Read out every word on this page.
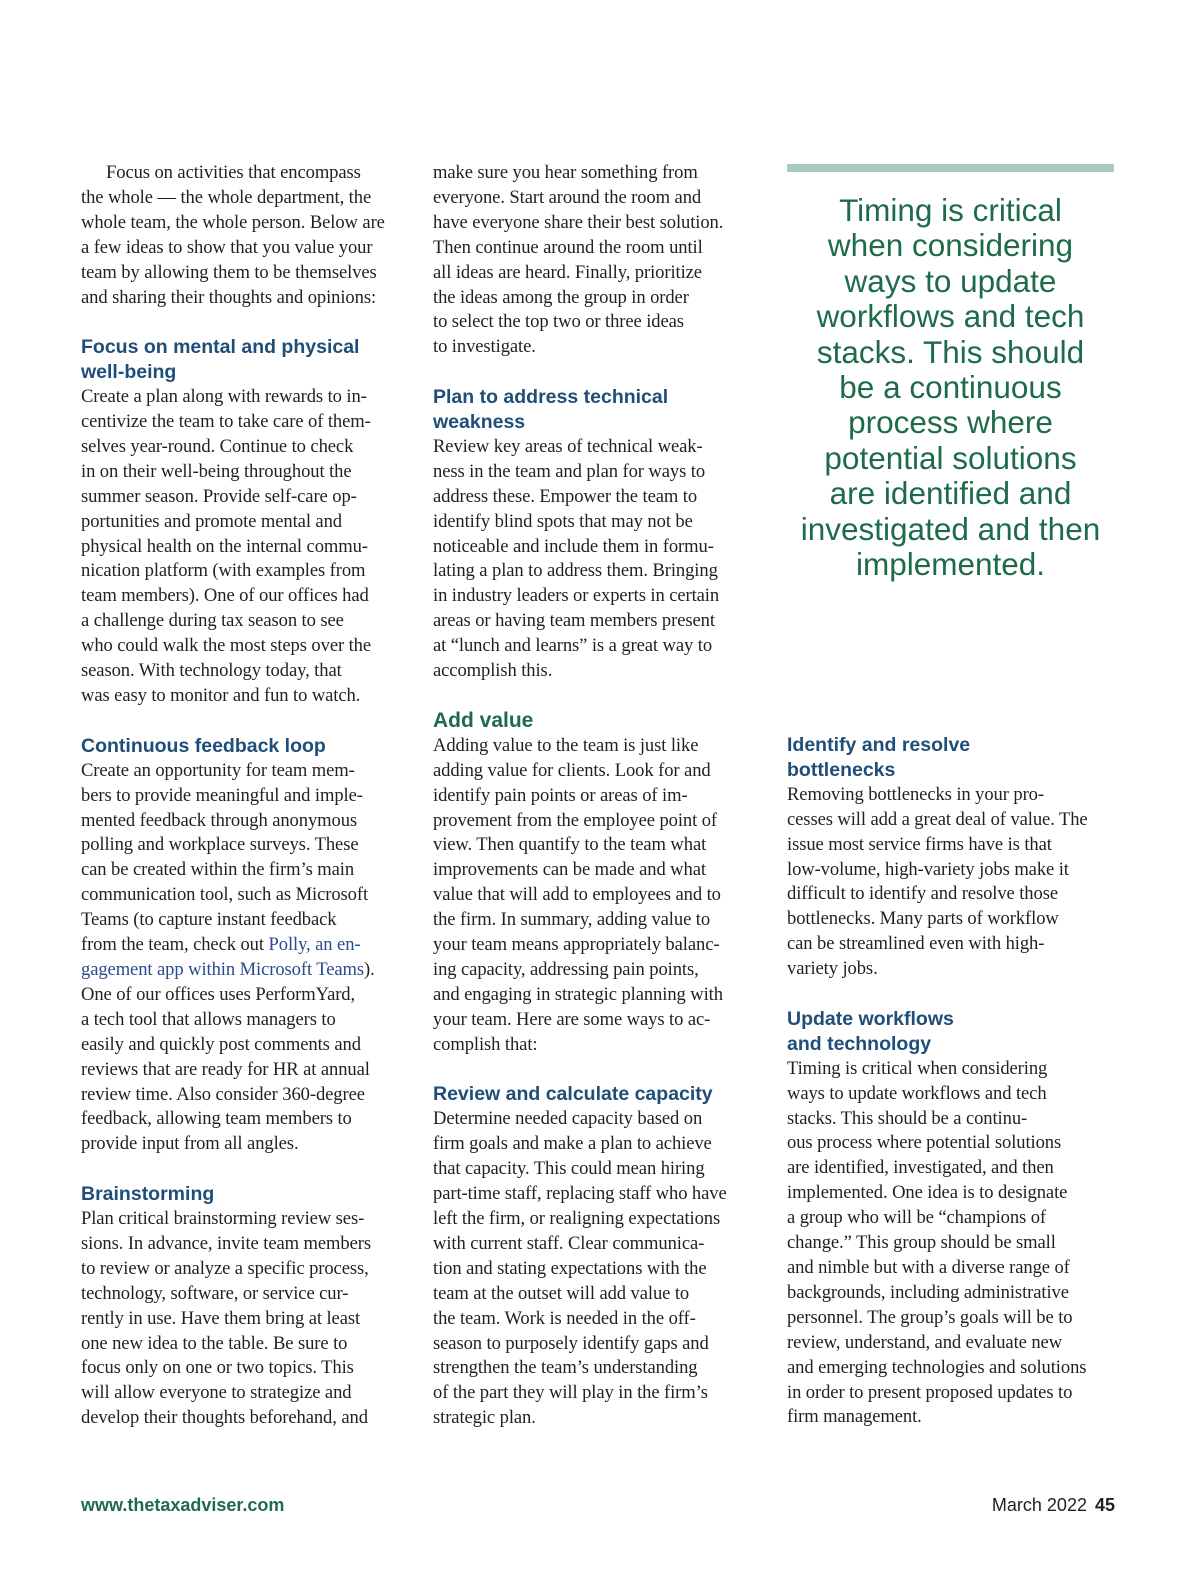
Focus on activities that encompass
the whole — the whole department, the
whole team, the whole person. Below are
a few ideas to show that you value your
team by allowing them to be themselves
and sharing their thoughts and opinions:

Focus on mental and physical
well-being

Create a plan along with rewards to in-
centivize the team to take care of them-
selves year-round. Continue to check
in on their well-being throughout the
summer season. Provide self-care op-
portunities and promote mental and
physical health on the internal commu-
nication platform (with examples from
team members). One of our offices had
a challenge during tax season to see
who could walk the most steps over the
season. With technology today, that
was easy to monitor and fun to watch.

Continuous feedback loop

Create an opportunity for team mem-
bers to provide meaningful and imple-
mented feedback through anonymous
polling and workplace surveys. These
can be created within the firm’s main
communication tool, such as Microsoft
Teams (to capture instant feedback
from the team, check out Polly, an en-
gagement app within Microsoft Teams).
One of our offices uses PerformYard,
a tech tool that allows managers to
easily and quickly post comments and
reviews that are ready for HR at annual
review time. Also consider 360-degree
feedback, allowing team members to
provide input from all angles.

Brainstorming

Plan critical brainstorming review ses-
sions. In advance, invite team members
to review or analyze a specific process,
technology, software, or service cur-
rently in use. Have them bring at least
one new idea to the table. Be sure to
focus only on one or two topics. This
will allow everyone to strategize and
develop their thoughts beforehand, and

make sure you hear something from
everyone. Start around the room and
have everyone share their best solution.
Then continue around the room until
all ideas are heard. Finally, prioritize
the ideas among the group in order
to select the top two or three ideas
to investigate.

Plan to address technical
weakness

Review key areas of technical weak-
ness in the team and plan for ways to
address these. Empower the team to
identify blind spots that may not be
noticeable and include them in formu-
lating a plan to address them. Bringing
in industry leaders or experts in certain
areas or having team members present
at “lunch and learns” is a great way to
accomplish this.

Add value

Adding value to the team is just like
adding value for clients. Look for and
identify pain points or areas of im-
provement from the employee point of
view. Then quantify to the team what
improvements can be made and what
value that will add to employees and to
the firm. In summary, adding value to
your team means appropriately balanc-
ing capacity, addressing pain points,
and engaging in strategic planning with
your team. Here are some ways to ac-
complish that:

Review and calculate capacity

Determine needed capacity based on
firm goals and make a plan to achieve
that capacity. This could mean hiring
part-time staff, replacing staff who have
left the firm, or realigning expectations
with current staff. Clear communica-
tion and stating expectations with the
team at the outset will add value to
the team. Work is needed in the off-
season to purposely identify gaps and
strengthen the team’s understanding
of the part they will play in the firm’s
strategic plan.

Timing is critical
when considering
ways to update
workflows and tech
stacks. This should
be a continuous
process where
potential solutions
are identified and
investigated and then
implemented.
Identify and resolve
bottlenecks

Removing bottlenecks in your pro-
cesses will add a great deal of value. The
issue most service firms have is that
low-volume, high-variety jobs make it
difficult to identify and resolve those
bottlenecks. Many parts of workflow
can be streamlined even with high-
variety jobs.

Update workflows
and technology

Timing is critical when considering
ways to update workflows and tech
stacks. This should be a continu-
ous process where potential solutions
are identified, investigated, and then
implemented. One idea is to designate
a group who will be “champions of
change.” This group should be small
and nimble but with a diverse range of
backgrounds, including administrative
personnel. The group’s goals will be to
review, understand, and evaluate new
and emerging technologies and solutions
in order to present proposed updates to
firm management.

www.thetaxadviser.com	March 2022 45
